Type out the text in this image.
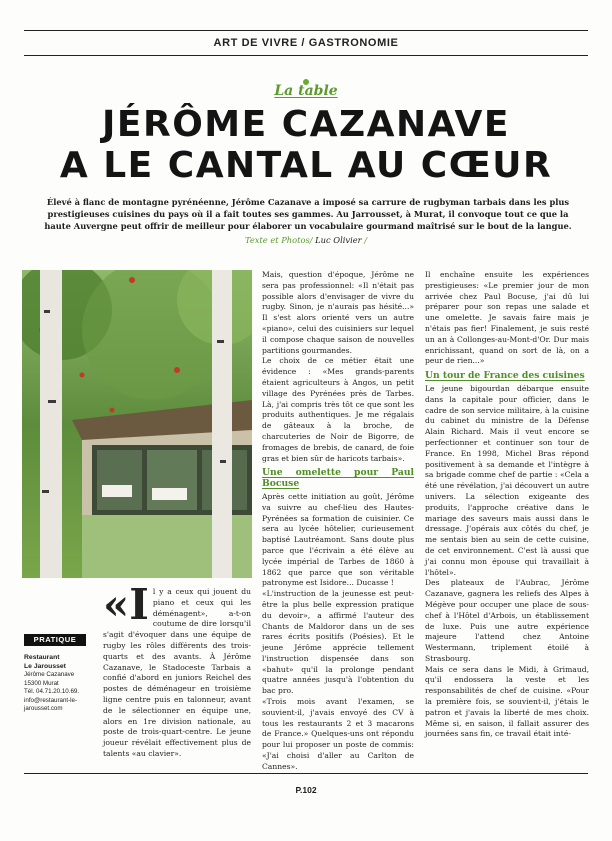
ART DE VIVRE / GASTRONOMIE
La table
JÉRÔME CAZANAVE
A LE CANTAL AU CŒUR
Élevé à flanc de montagne pyrénéenne, Jérôme Cazanave a imposé sa carrure de rugbyman tarbais dans les plus prestigieuses cuisines du pays où il a fait toutes ses gammes. Au Jarrousset, à Murat, il convoque tout ce que la haute Auvergne peut offrir de meilleur pour élaborer un vocabulaire gourmand maîtrisé sur le bout de la langue.
Texte et Photos/ Luc Olivier /

«I l y a ceux qui jouent du piano et ceux qui les déménagent», a-t-on coutume de dire lorsqu'il s'agit d'évoquer dans une équipe de rugby les rôles différents des trois-quarts et des avants. À Jérôme Cazanave, le Stadoceste Tarbais a confié d'abord en juniors Reichel des postes de déménageur en troisième ligne centre puis en talonneur, avant de le sélectionner en équipe une, alors en 1re division nationale, au poste de trois-quart-centre. Le jeune joueur révélait effectivement plus de talents «au clavier».

PRATIQUE
Restaurant
Le Jarousset
Jérôme Cazanave
15300 Murat
Tél. 04.71.20.10.69.
info@restaurant-le-
jarousset.com

Mais, question d'époque, Jérôme ne sera pas professionnel: «Il n'était pas possible alors d'envisager de vivre du rugby. Sinon, je n'aurais pas hésité...» Il s'est alors orienté vers un autre «piano», celui des cuisiniers sur lequel il compose chaque saison de nouvelles partitions gourmandes.

Le choix de ce métier était une évidence : «Mes grands-parents étaient agriculteurs à Angos, un petit village des Pyrénées près de Tarbes. Là, j'ai compris très tôt ce que sont les produits authentiques. Je me régalais de gâteaux à la broche, de charcuteries de Noir de Bigorre, de fromages de brebis, de canard, de foie gras et bien sûr de haricots tarbais».

Une omelette pour Paul Bocuse

Après cette initiation au goût, Jérôme va suivre au chef-lieu des Hautes-Pyrénées sa formation de cuisinier. Ce sera au lycée hôtelier, curieusement baptisé Lautréamont. Sans doute plus parce que l'écrivain a été élève au lycée impérial de Tarbes de 1860 à 1862 que parce que son véritable patronyme est Isidore... Ducasse !

«L'instruction de la jeunesse est peut-être la plus belle expression pratique du devoir», a affirmé l'auteur des Chants de Maldoror dans un de ses rares écrits positifs (Poésies). Et le jeune Jérôme apprécie tellement l'instruction dispensée dans son «bahut» qu'il la prolonge pendant quatre années jusqu'à l'obtention du bac pro.

«Trois mois avant l'examen, se souvient-il, j'avais envoyé des CV à tous les restaurants 2 et 3 macarons de France.» Quelques-uns ont répondu pour lui proposer un poste de commis: «J'ai choisi d'aller au Carlton de Cannes».

Il enchaîne ensuite les expériences prestigieuses: «Le premier jour de mon arrivée chez Paul Bocuse, j'ai dû lui préparer pour son repas une salade et une omelette. Je savais faire mais je n'étais pas fier! Finalement, je suis resté un an à Collonges-au-Mont-d'Or. Dur mais enrichissant, quand on sort de là, on a peur de rien...»

Un tour de France des cuisines

Le jeune bigourdan débarque ensuite dans la capitale pour officier, dans le cadre de son service militaire, à la cuisine du cabinet du ministre de la Défense Alain Richard. Mais il veut encore se perfectionner et continuer son tour de France. En 1998, Michel Bras répond positivement à sa demande et l'intègre à sa brigade comme chef de partie : «Cela a été une révélation, j'ai découvert un autre univers. La sélection exigeante des produits, l'approche créative dans le mariage des saveurs mais aussi dans le dressage. J'opérais aux côtés du chef, je me sentais bien au sein de cette cuisine, de cet environnement. C'est là aussi que j'ai connu mon épouse qui travaillait à l'hôtel».

Des plateaux de l'Aubrac, Jérôme Cazanave, gagnera les reliefs des Alpes à Mégève pour occuper une place de sous-chef à l'Hôtel d'Arbois, un établissement de luxe. Puis une autre expérience majeure l'attend chez Antoine Westermann, triplement étoilé à Strasbourg.

Mais ce sera dans le Midi, à Grimaud, qu'il endossera la veste et les responsabilités de chef de cuisine. «Pour la première fois, se souvient-il, j'étais le patron et j'avais la liberté de mes choix. Même si, en saison, il fallait assurer des journées sans fin, ce travail était inté-

P.102
